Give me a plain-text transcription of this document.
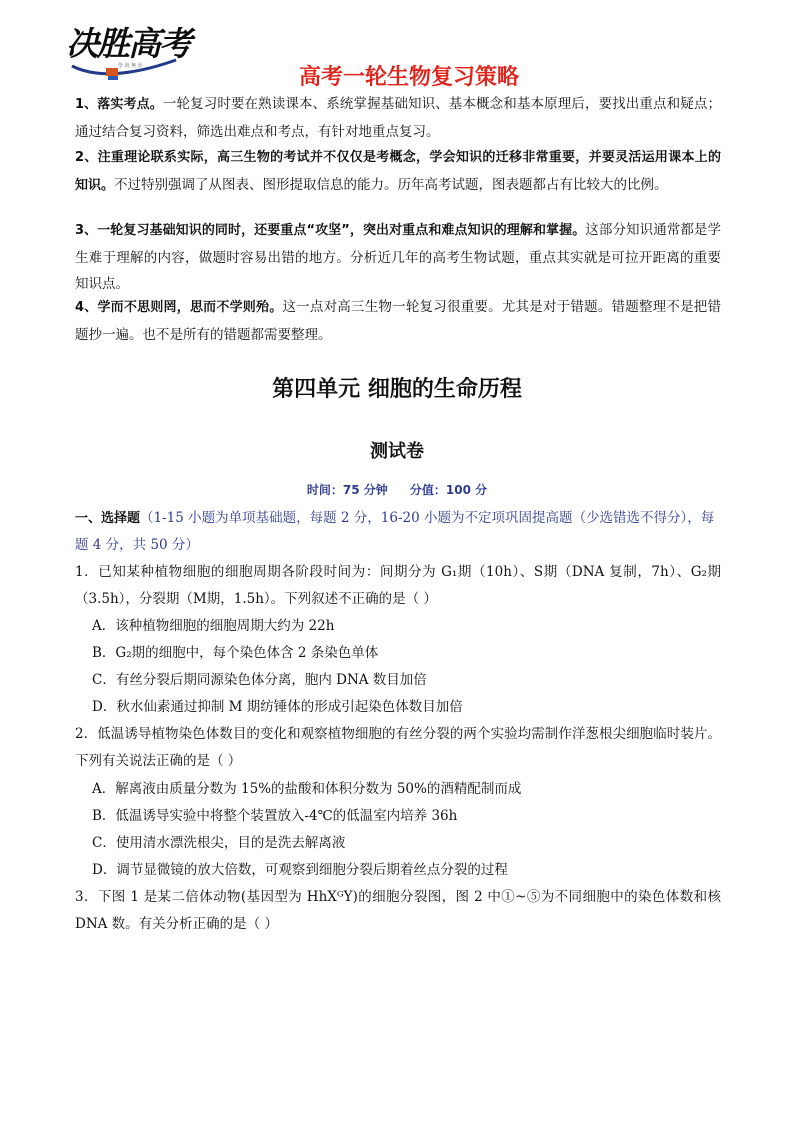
决胜高考
學 海 無 涯	高考一轮生物复习策略
1、落实考点。一轮复习时要在熟读课本、系统掌握基础知识、基本概念和基本原理后，要找出重点和疑点；通过结合复习资料，筛选出难点和考点，有针对地重点复习。
2、注重理论联系实际，高三生物的考试并不仅仅是考概念，学会知识的迁移非常重要，并要灵活运用课本上的知识。不过特别强调了从图表、图形提取信息的能力。历年高考试题，图表题都占有比较大的比例。
3、一轮复习基础知识的同时，还要重点“攻坚”，突出对重点和难点知识的理解和掌握。这部分知识通常都是学生难于理解的内容，做题时容易出错的地方。分析近几年的高考生物试题，重点其实就是可拉开距离的重要知识点。
4、学而不思则罔，思而不学则殆。这一点对高三生物一轮复习很重要。尤其是对于错题。错题整理不是把错题抄一遍。也不是所有的错题都需要整理。
第四单元 细胞的生命历程
测试卷
时间：75 分钟 分值：100 分
一、选择题（1-15 小题为单项基础题，每题 2 分，16-20 小题为不定项巩固提高题（少选错选不得分），每题 4 分，共 50 分）
1．已知某种植物细胞的细胞周期各阶段时间为：间期分为 G₁期（10h）、S期（DNA 复制，7h）、G₂期（3.5h），分裂期（M期，1.5h）。下列叙述不正确的是（ ）
A．该种植物细胞的细胞周期大约为 22h
B．G₂期的细胞中，每个染色体含 2 条染色单体
C．有丝分裂后期同源染色体分离，胞内 DNA 数目加倍
D．秋水仙素通过抑制 M 期纺锤体的形成引起染色体数目加倍
2．低温诱导植物染色体数目的变化和观察植物细胞的有丝分裂的两个实验均需制作洋葱根尖细胞临时装片。下列有关说法正确的是（ ）
A．解离液由质量分数为 15%的盐酸和体积分数为 50%的酒精配制而成
B．低温诱导实验中将整个装置放入-4℃的低温室内培养 36h
C．使用清水漂洗根尖，目的是洗去解离液
D．调节显微镜的放大倍数，可观察到细胞分裂后期着丝点分裂的过程
3．下图 1 是某二倍体动物(基因型为 HhXᴳY)的细胞分裂图，图 2 中①~⑤为不同细胞中的染色体数和核 DNA 数。有关分析正确的是（ ）
